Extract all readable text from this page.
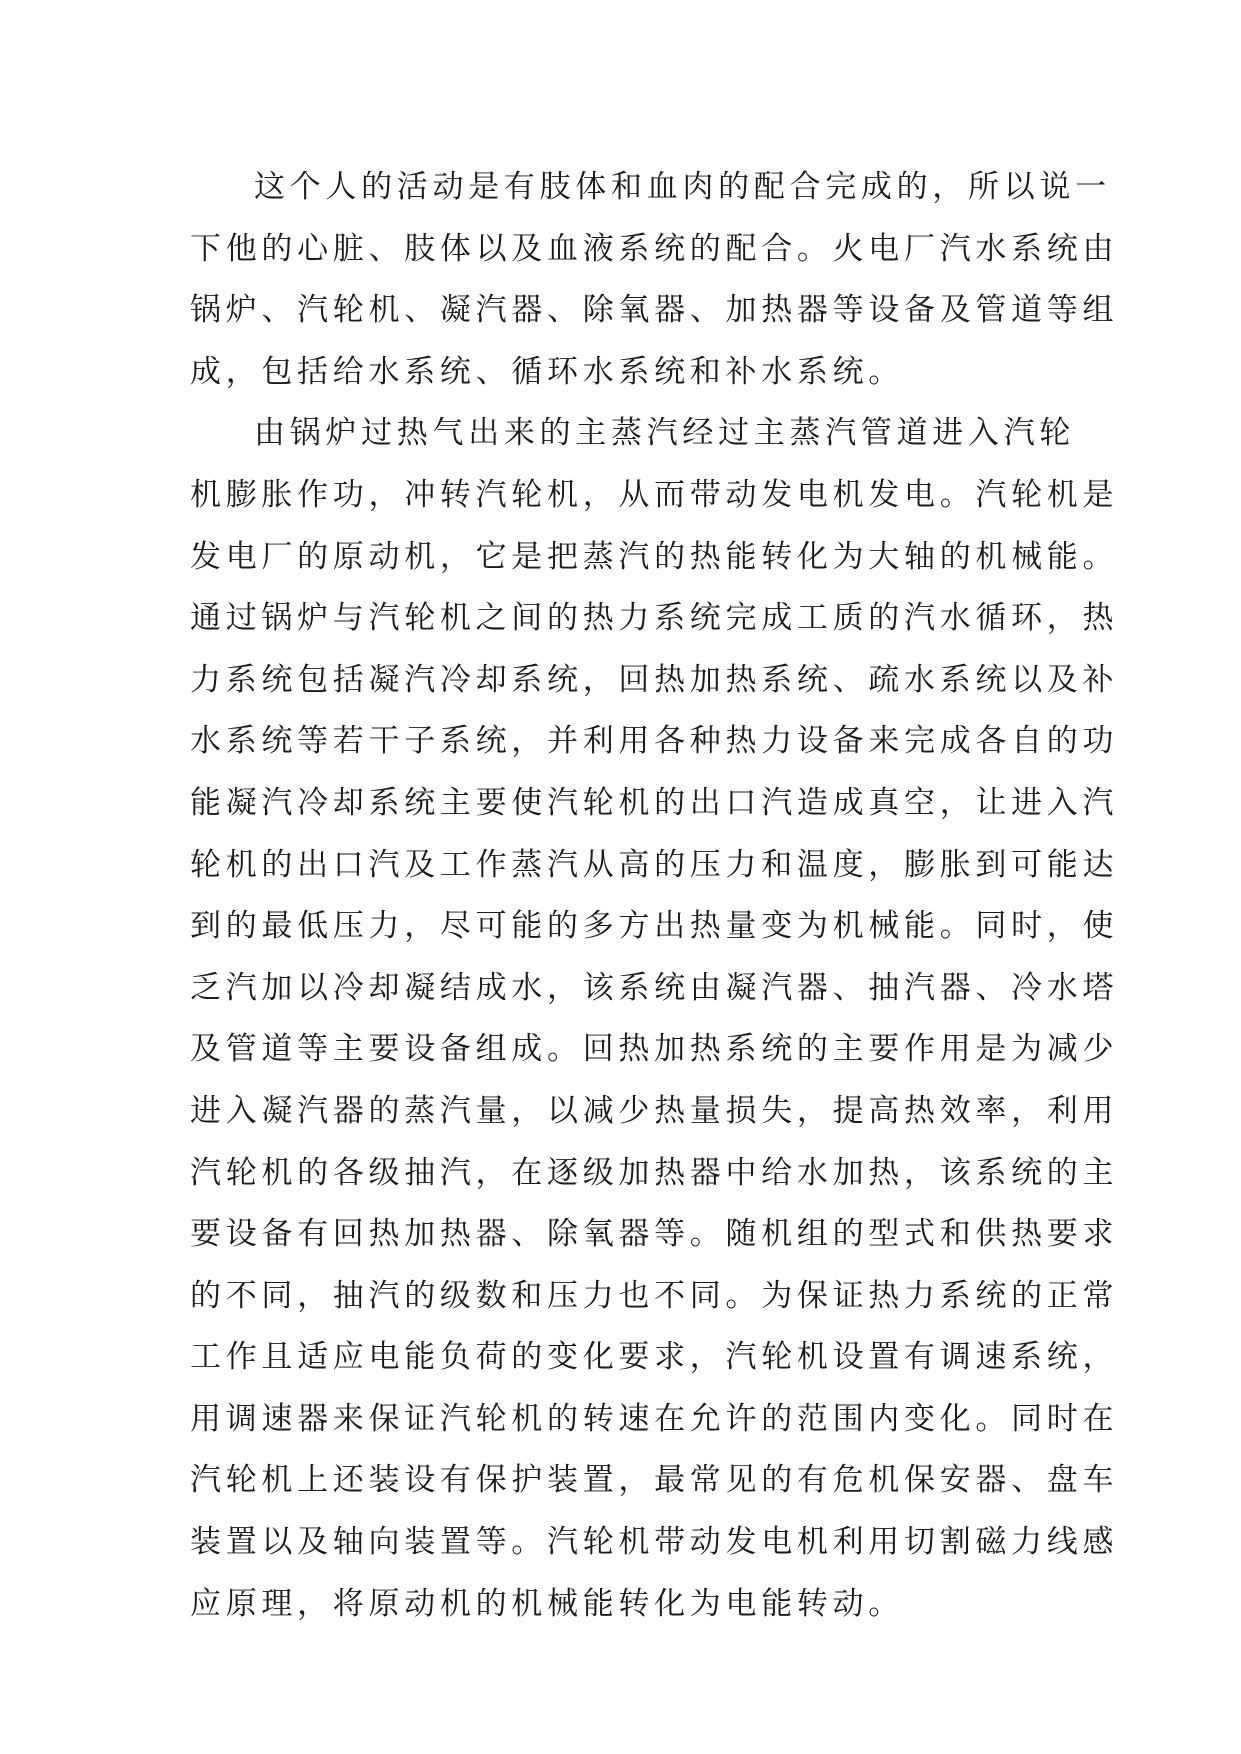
这个人的活动是有肢体和血肉的配合完成的，所以说一
下他的心脏、肢体以及血液系统的配合。火电厂汽水系统由
锅炉、汽轮机、凝汽器、除氧器、加热器等设备及管道等组
成，包括给水系统、循环水系统和补水系统。
由锅炉过热气出来的主蒸汽经过主蒸汽管道进入汽轮
机膨胀作功，冲转汽轮机，从而带动发电机发电。汽轮机是
发电厂的原动机，它是把蒸汽的热能转化为大轴的机械能。
通过锅炉与汽轮机之间的热力系统完成工质的汽水循环，热
力系统包括凝汽冷却系统，回热加热系统、疏水系统以及补
水系统等若干子系统，并利用各种热力设备来完成各自的功
能凝汽冷却系统主要使汽轮机的出口汽造成真空，让进入汽
轮机的出口汽及工作蒸汽从高的压力和温度，膨胀到可能达
到的最低压力，尽可能的多方出热量变为机械能。同时，使
乏汽加以冷却凝结成水，该系统由凝汽器、抽汽器、冷水塔
及管道等主要设备组成。回热加热系统的主要作用是为减少
进入凝汽器的蒸汽量，以减少热量损失，提高热效率，利用
汽轮机的各级抽汽，在逐级加热器中给水加热，该系统的主
要设备有回热加热器、除氧器等。随机组的型式和供热要求
的不同，抽汽的级数和压力也不同。为保证热力系统的正常
工作且适应电能负荷的变化要求，汽轮机设置有调速系统，
用调速器来保证汽轮机的转速在允许的范围内变化。同时在
汽轮机上还装设有保护装置，最常见的有危机保安器、盘车
装置以及轴向装置等。汽轮机带动发电机利用切割磁力线感
应原理，将原动机的机械能转化为电能转动。
